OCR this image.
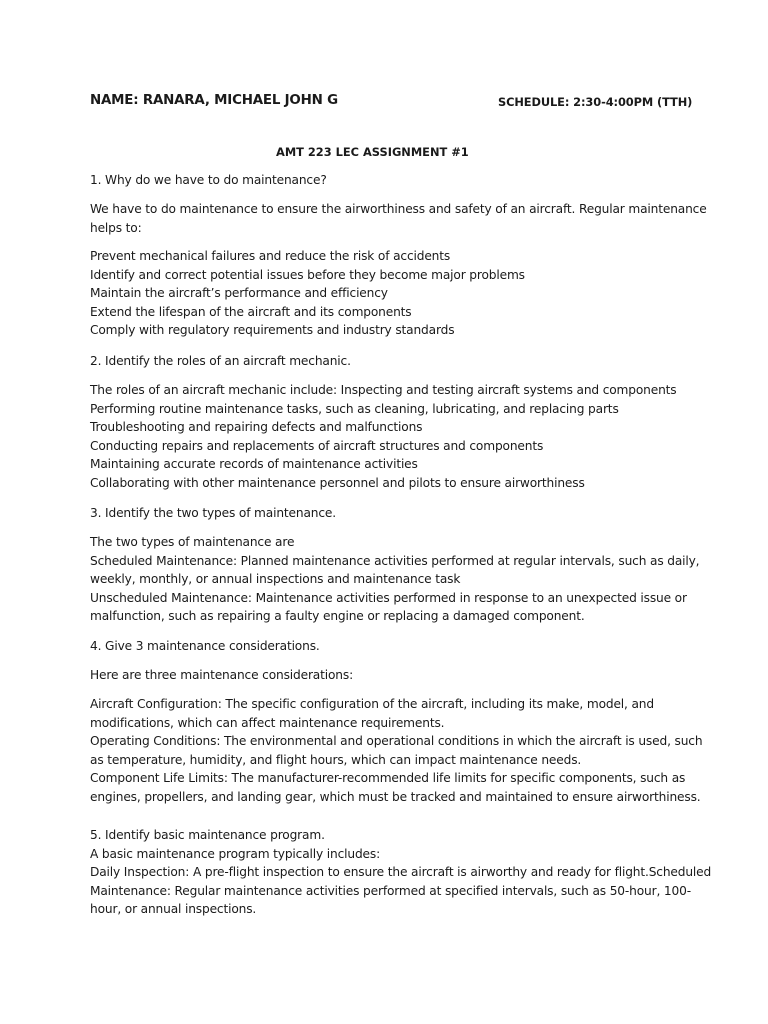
NAME: RANARA, MICHAEL JOHN G	SCHEDULE: 2:30-4:00PM (TTH)
AMT 223 LEC ASSIGNMENT #1
1. Why do we have to do maintenance?
We have to do maintenance to ensure the airworthiness and safety of an aircraft. Regular maintenance
helps to:
Prevent mechanical failures and reduce the risk of accidents
Identify and correct potential issues before they become major problems
Maintain the aircraft’s performance and efficiency
Extend the lifespan of the aircraft and its components
Comply with regulatory requirements and industry standards
2. Identify the roles of an aircraft mechanic.
The roles of an aircraft mechanic include: Inspecting and testing aircraft systems and components
Performing routine maintenance tasks, such as cleaning, lubricating, and replacing parts
Troubleshooting and repairing defects and malfunctions
Conducting repairs and replacements of aircraft structures and components
Maintaining accurate records of maintenance activities
Collaborating with other maintenance personnel and pilots to ensure airworthiness
3. Identify the two types of maintenance.
The two types of maintenance are
Scheduled Maintenance: Planned maintenance activities performed at regular intervals, such as daily,
weekly, monthly, or annual inspections and maintenance task
Unscheduled Maintenance: Maintenance activities performed in response to an unexpected issue or
malfunction, such as repairing a faulty engine or replacing a damaged component.
4. Give 3 maintenance considerations.
Here are three maintenance considerations:
Aircraft Configuration: The specific configuration of the aircraft, including its make, model, and
modifications, which can affect maintenance requirements.
Operating Conditions: The environmental and operational conditions in which the aircraft is used, such
as temperature, humidity, and flight hours, which can impact maintenance needs.
Component Life Limits: The manufacturer-recommended life limits for specific components, such as
engines, propellers, and landing gear, which must be tracked and maintained to ensure airworthiness.
5. Identify basic maintenance program.
A basic maintenance program typically includes:
Daily Inspection: A pre-flight inspection to ensure the aircraft is airworthy and ready for flight.Scheduled
Maintenance: Regular maintenance activities performed at specified intervals, such as 50-hour, 100-
hour, or annual inspections.
